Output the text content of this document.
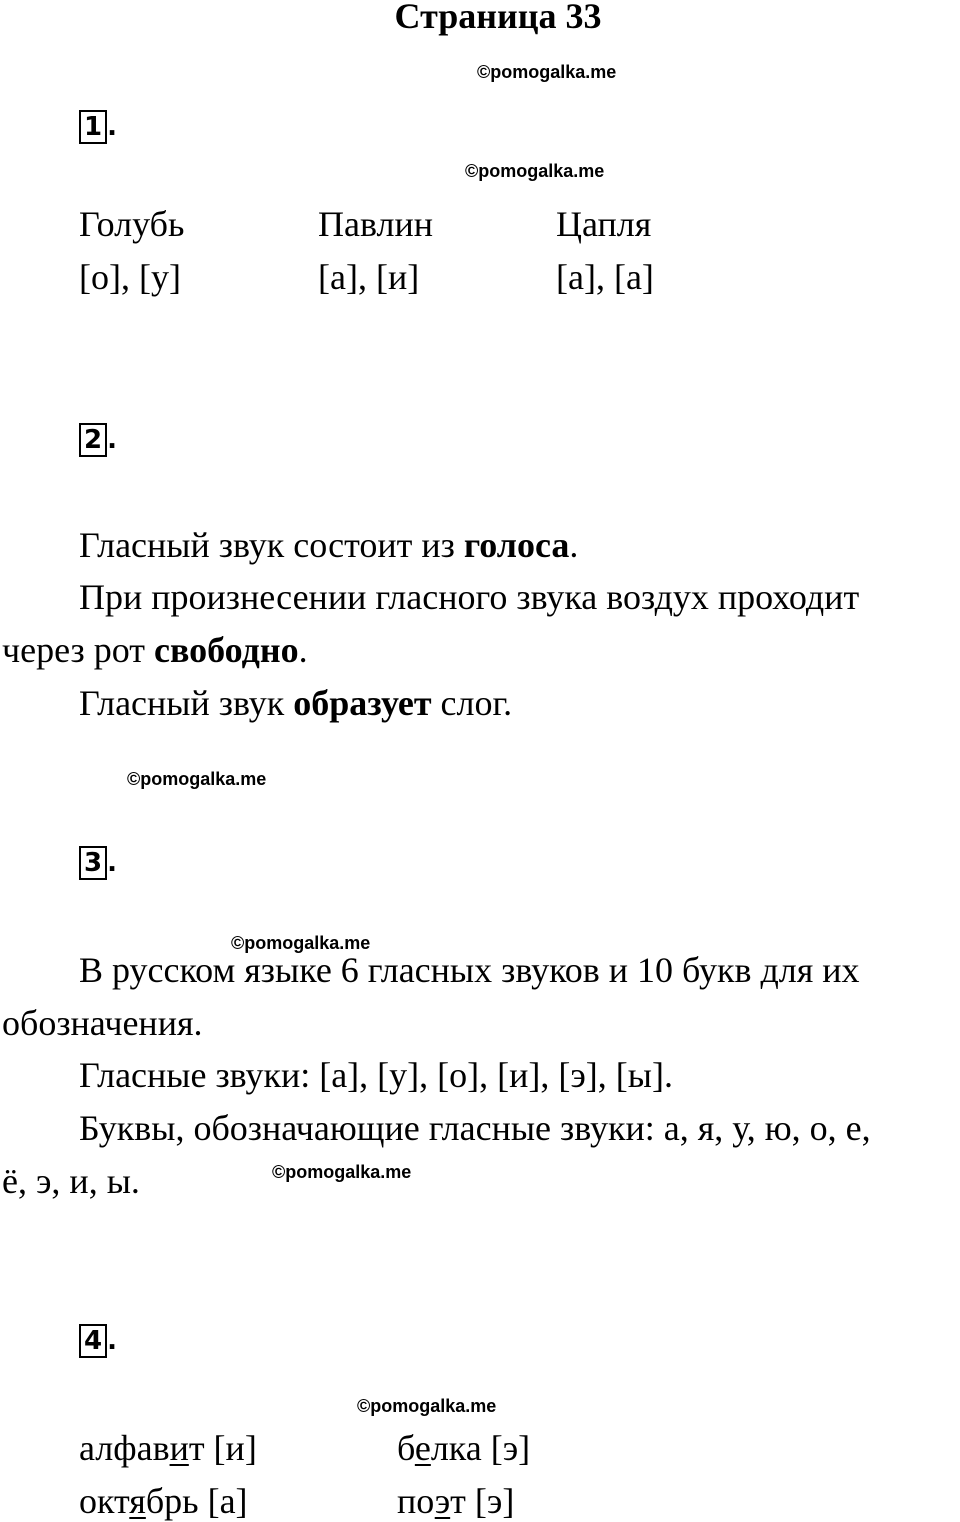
Страница 33
©pomogalka.me
©pomogalka.me
©pomogalka.me
©pomogalka.me
©pomogalka.me
©pomogalka.me
1 .
Голубь	Павлин	Цапля
[о], [у]	[а], [и]	[а], [а]
2 .
Гласный звук состоит из голоса.
При произнесении гласного звука воздух проходит
через рот свободно.
Гласный звук образует слог.
3 .
В русском языке 6 гласных звуков и 10 букв для их
обозначения.
Гласные звуки: [а], [у], [о], [и], [э], [ы].
Буквы, обозначающие гласные звуки: а, я, у, ю, о, е,
ё, э, и, ы.
4 .
алфавит [и]	белка [э]
октябрь [а]	поэт [э]
